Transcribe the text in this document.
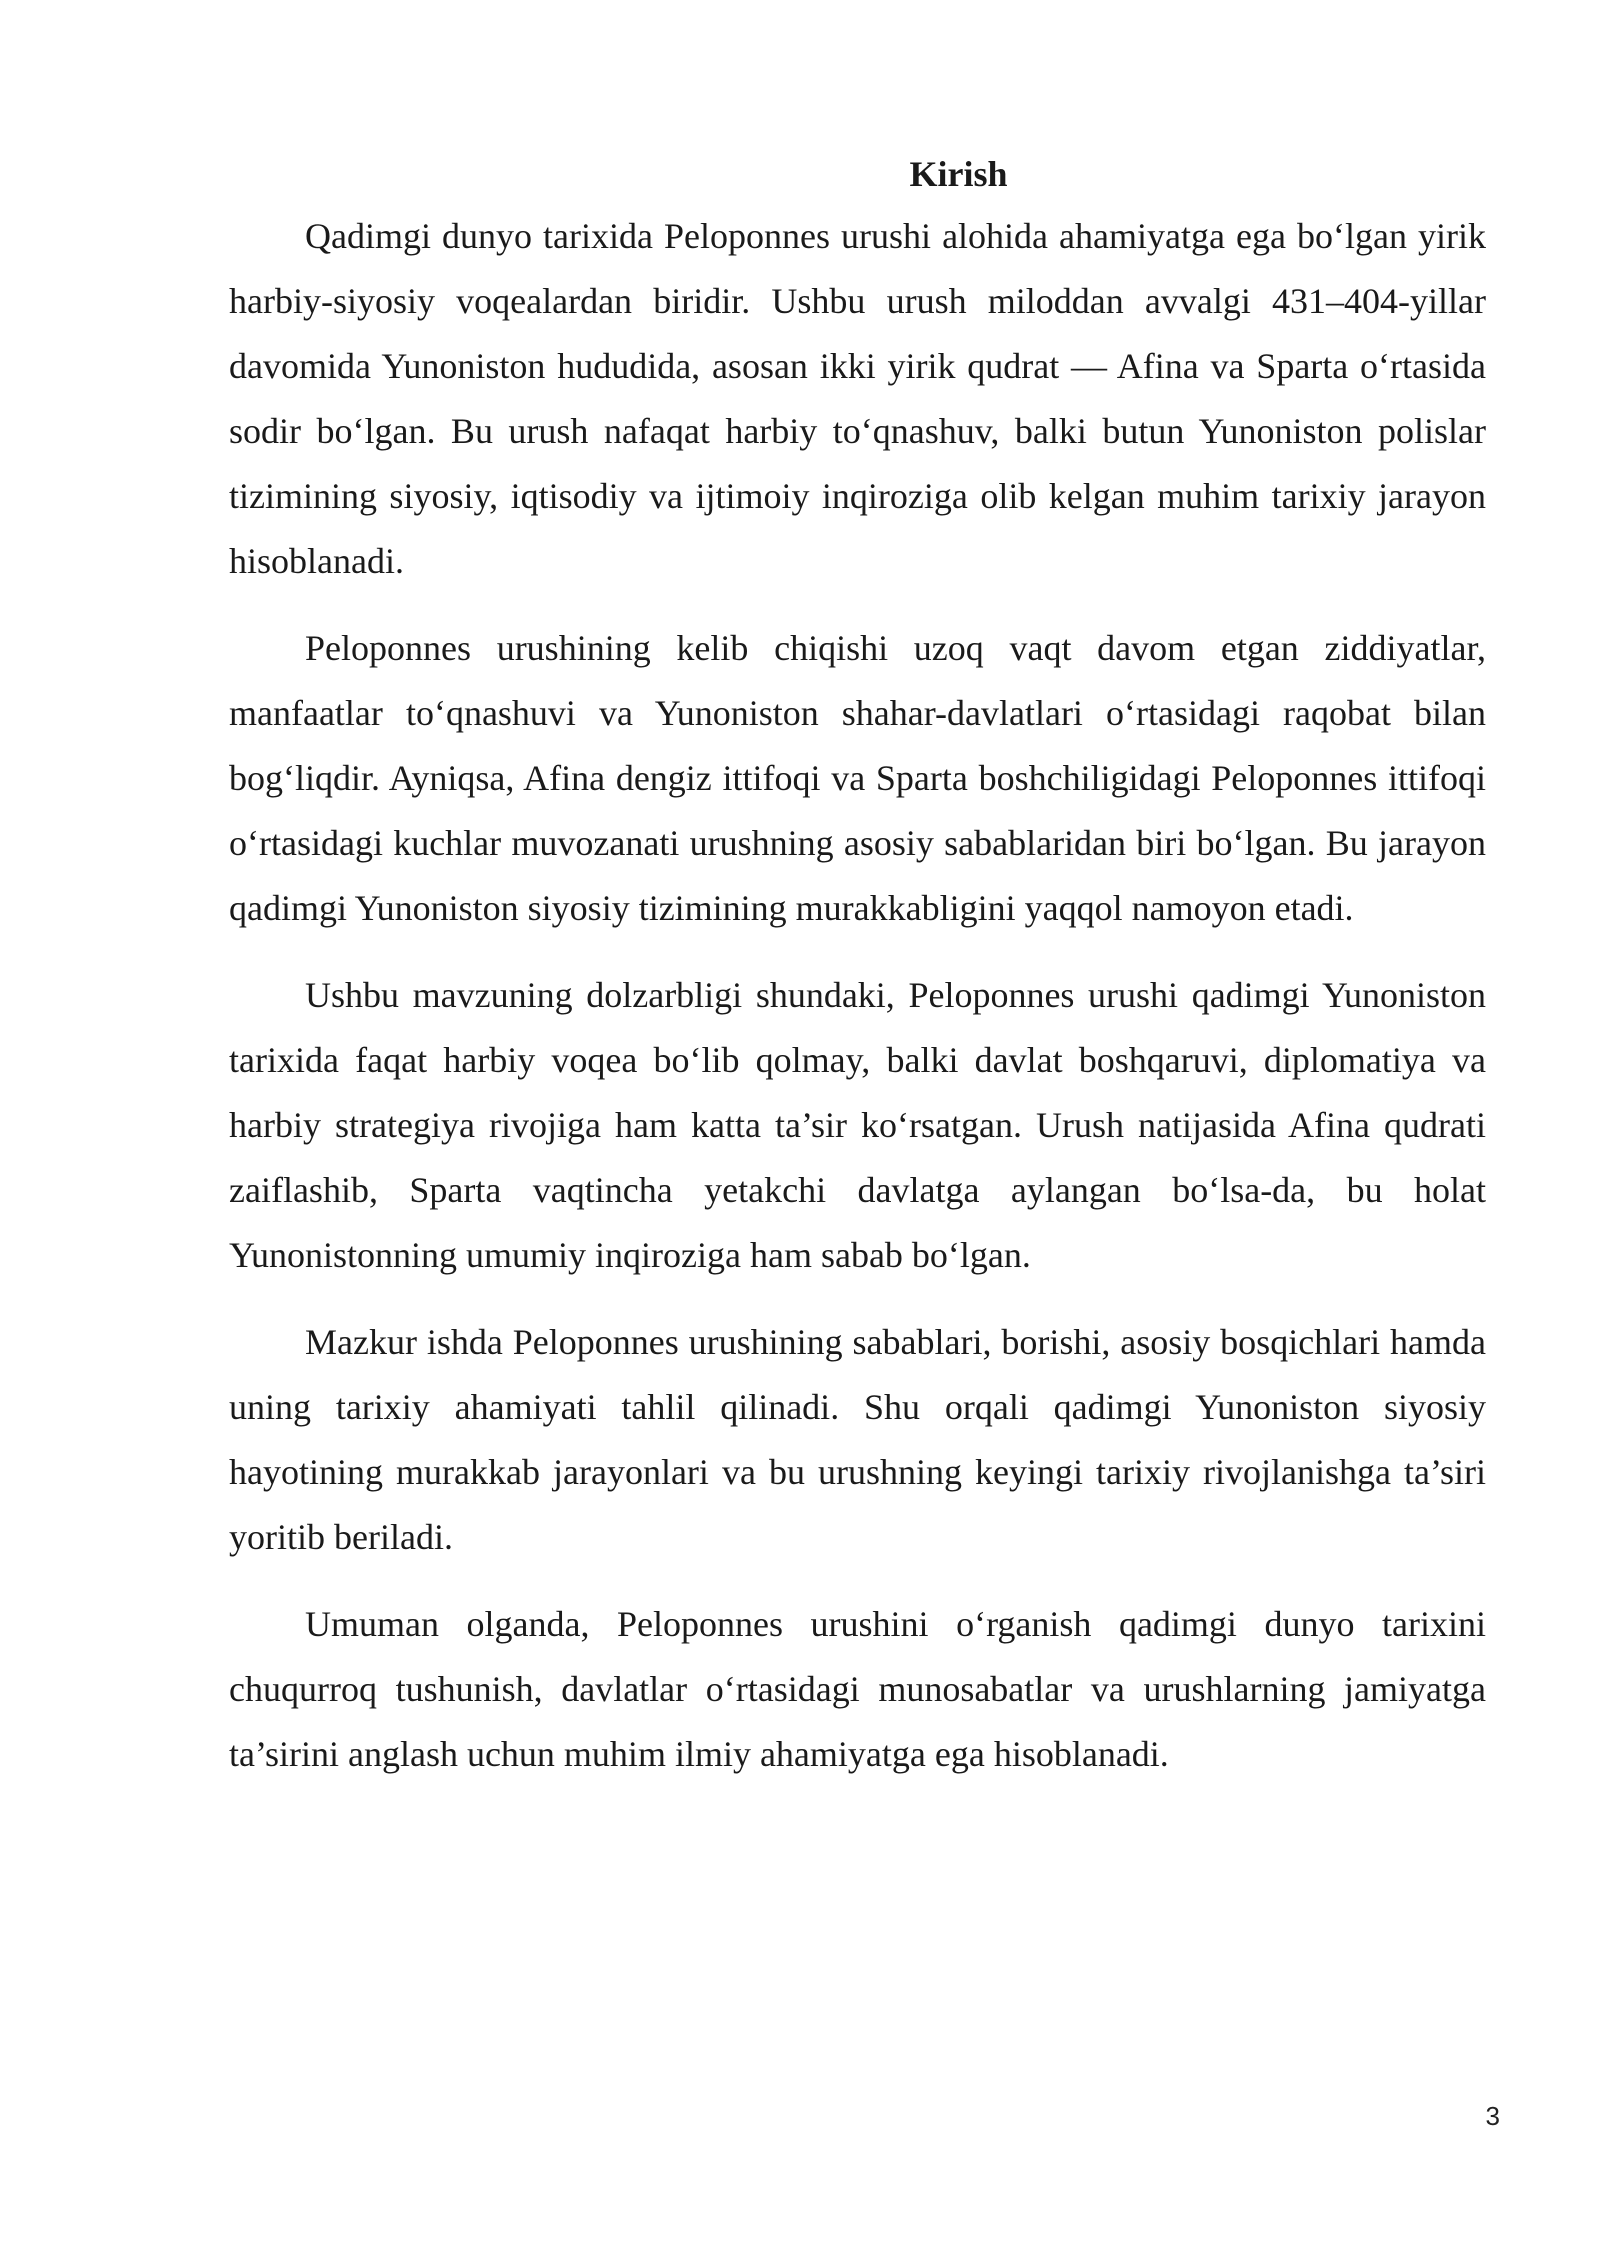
Kirish

Qadimgi dunyo tarixida Peloponnes urushi alohida ahamiyatga ega bo‘lgan yirik harbiy-siyosiy voqealardan biridir. Ushbu urush miloddan avvalgi 431–404-yillar davomida Yunoniston hududida, asosan ikki yirik qudrat — Afina va Sparta o‘rtasida sodir bo‘lgan. Bu urush nafaqat harbiy to‘qnashuv, balki butun Yunoniston polislar tizimining siyosiy, iqtisodiy va ijtimoiy inqiroziga olib kelgan muhim tarixiy jarayon hisoblanadi.

Peloponnes urushining kelib chiqishi uzoq vaqt davom etgan ziddiyatlar, manfaatlar to‘qnashuvi va Yunoniston shahar-davlatlari o‘rtasidagi raqobat bilan bog‘liqdir. Ayniqsa, Afina dengiz ittifoqi va Sparta boshchiligidagi Peloponnes ittifoqi o‘rtasidagi kuchlar muvozanati urushning asosiy sabablaridan biri bo‘lgan. Bu jarayon qadimgi Yunoniston siyosiy tizimining murakkabligini yaqqol namoyon etadi.

Ushbu mavzuning dolzarbligi shundaki, Peloponnes urushi qadimgi Yunoniston tarixida faqat harbiy voqea bo‘lib qolmay, balki davlat boshqaruvi, diplomatiya va harbiy strategiya rivojiga ham katta ta’sir ko‘rsatgan. Urush natijasida Afina qudrati zaiflashib, Sparta vaqtincha yetakchi davlatga aylangan bo‘lsa-da, bu holat Yunonistonning umumiy inqiroziga ham sabab bo‘lgan.

Mazkur ishda Peloponnes urushining sabablari, borishi, asosiy bosqichlari hamda uning tarixiy ahamiyati tahlil qilinadi. Shu orqali qadimgi Yunoniston siyosiy hayotining murakkab jarayonlari va bu urushning keyingi tarixiy rivojlanishga ta’siri yoritib beriladi.

Umuman olganda, Peloponnes urushini o‘rganish qadimgi dunyo tarixini chuqurroq tushunish, davlatlar o‘rtasidagi munosabatlar va urushlarning jamiyatga ta’sirini anglash uchun muhim ilmiy ahamiyatga ega hisoblanadi.

3
